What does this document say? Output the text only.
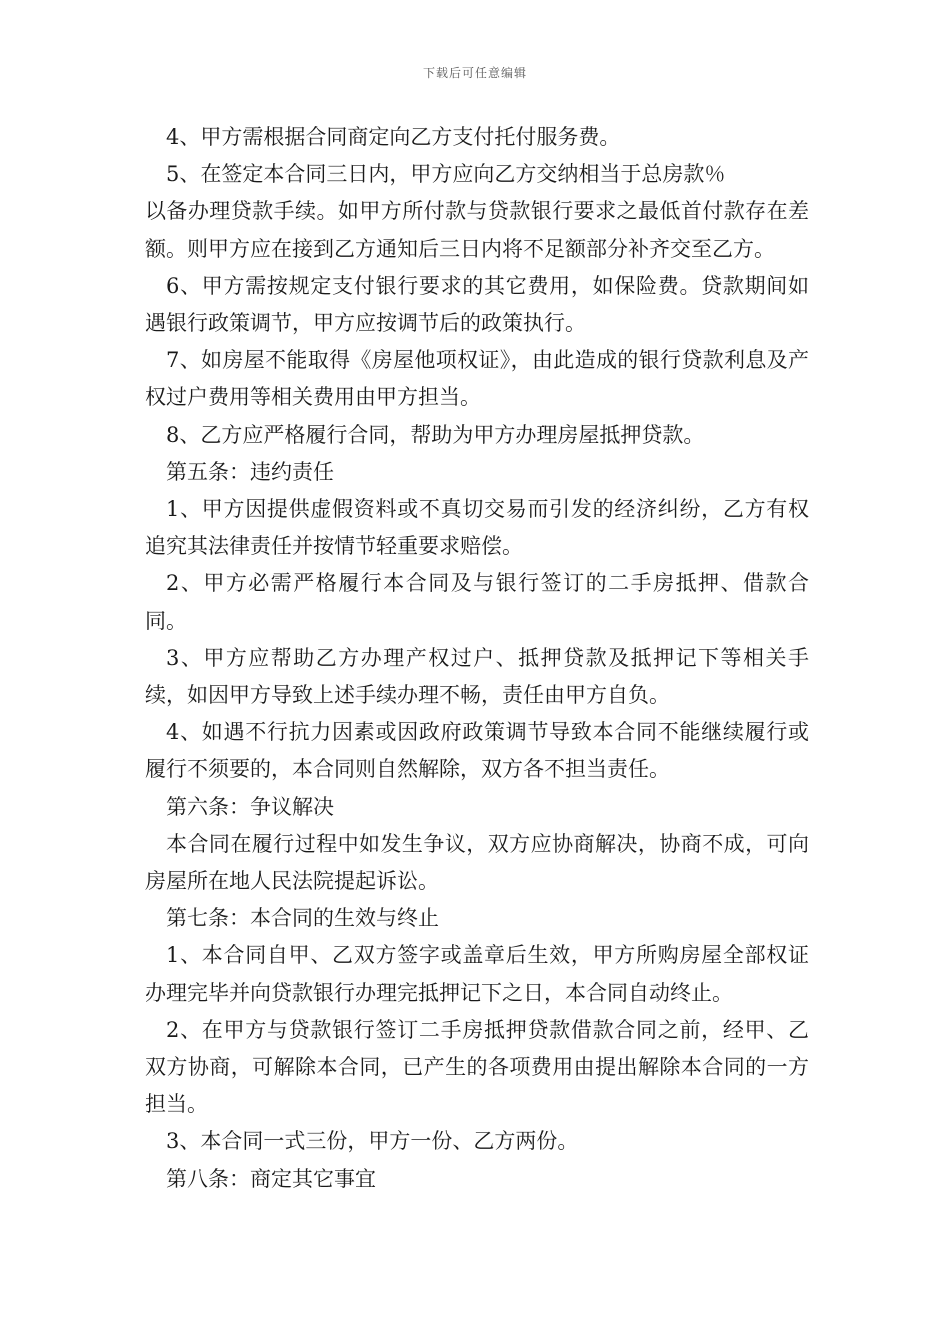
下载后可任意编辑

4、甲方需根据合同商定向乙方支付托付服务费。

5、在签定本合同三日内，甲方应向乙方交纳相当于总房款％

以备办理贷款手续。如甲方所付款与贷款银行要求之最低首付款存在差额。则甲方应在接到乙方通知后三日内将不足额部分补齐交至乙方。

6、甲方需按规定支付银行要求的其它费用，如保险费。贷款期间如遇银行政策调节，甲方应按调节后的政策执行。

7、如房屋不能取得《房屋他项权证》，由此造成的银行贷款利息及产权过户费用等相关费用由甲方担当。

8、乙方应严格履行合同，帮助为甲方办理房屋抵押贷款。

第五条：违约责任

1、甲方因提供虚假资料或不真切交易而引发的经济纠纷，乙方有权追究其法律责任并按情节轻重要求赔偿。

2、甲方必需严格履行本合同及与银行签订的二手房抵押、借款合同。

3、甲方应帮助乙方办理产权过户、抵押贷款及抵押记下等相关手续，如因甲方导致上述手续办理不畅，责任由甲方自负。

4、如遇不行抗力因素或因政府政策调节导致本合同不能继续履行或履行不须要的，本合同则自然解除，双方各不担当责任。

第六条：争议解决

本合同在履行过程中如发生争议，双方应协商解决，协商不成，可向房屋所在地人民法院提起诉讼。

第七条：本合同的生效与终止

1、本合同自甲、乙双方签字或盖章后生效，甲方所购房屋全部权证办理完毕并向贷款银行办理完抵押记下之日，本合同自动终止。

2、在甲方与贷款银行签订二手房抵押贷款借款合同之前，经甲、乙双方协商，可解除本合同，已产生的各项费用由提出解除本合同的一方担当。

3、本合同一式三份，甲方一份、乙方两份。

第八条：商定其它事宜
